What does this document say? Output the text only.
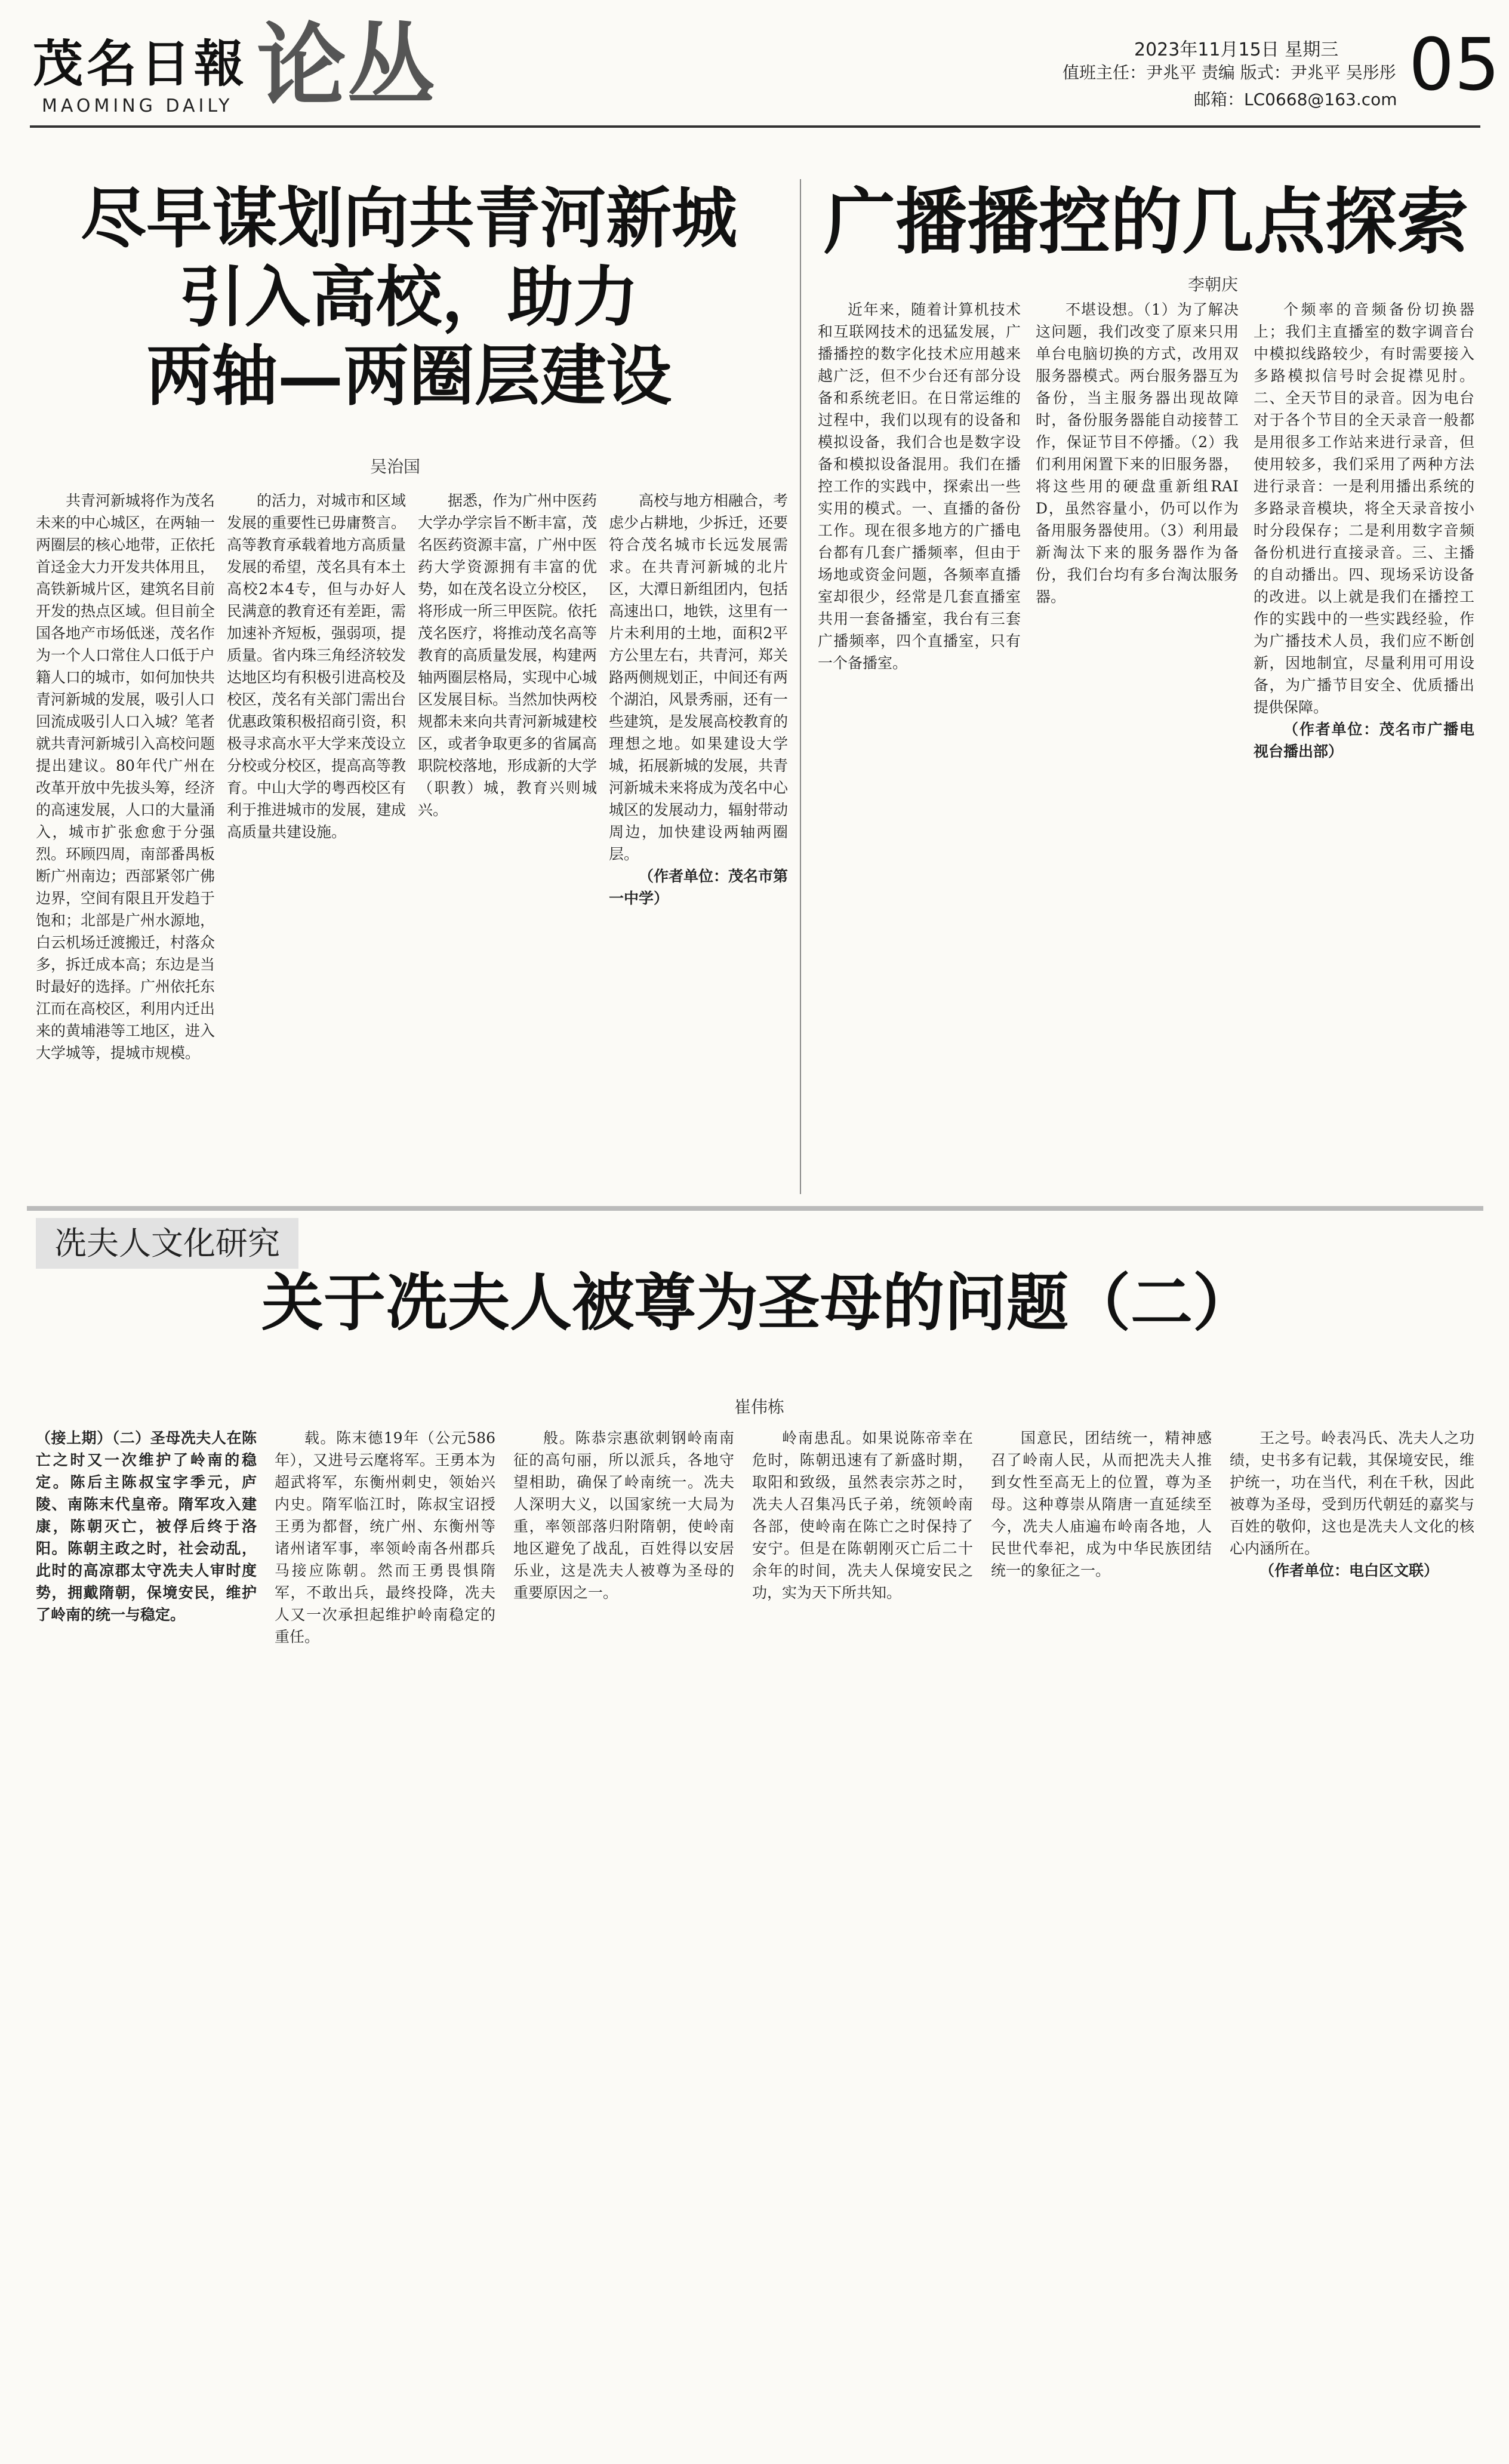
茂名日報
MAOMING DAILY 论丛	2023年11月15日 星期三
值班主任：尹兆平 责编 版式：尹兆平 吴彤彤
邮箱：LC0668@163.com 05
尽早谋划向共青河新城
引入高校，助力
两轴—两圈层建设
吴治国

共青河新城将作为茂名未来的中心城区，在两轴一两圈层的核心地带，正依托首迳金大力开发共体用且，高铁新城片区，建筑名目前开发的热点区域。但目前全国各地产市场低迷，茂名作为一个人口常住人口低于户籍人口的城市，如何加快共青河新城的发展，吸引人口回流成吸引人口入城？笔者就共青河新城引入高校问题提出建议。80年代广州在改革开放中先拔头筹，经济的高速发展，人口的大量涌入，城市扩张愈愈于分强烈。环顾四周，南部番禺板断广州南边；西部紧邻广佛边界，空间有限且开发趋于饱和；北部是广州水源地，白云机场迁渡搬迁，村落众多，拆迁成本高；东边是当时最好的选择。广州依托东江而在高校区，利用内迁出来的黄埔港等工地区，进入大学城等，提城市规模。

的活力，对城市和区域发展的重要性已毋庸赘言。高等教育承载着地方高质量发展的希望，茂名具有本土高校2本4专，但与办好人民满意的教育还有差距，需加速补齐短板，强弱项，提质量。省内珠三角经济较发达地区均有积极引进高校及校区，茂名有关部门需出台优惠政策积极招商引资，积极寻求高水平大学来茂设立分校或分校区，提高高等教育。中山大学的粤西校区有利于推进城市的发展，建成高质量共建设施。

据悉，作为广州中医药大学办学宗旨不断丰富，茂名医药资源丰富，广州中医药大学资源拥有丰富的优势，如在茂名设立分校区，将形成一所三甲医院。依托茂名医疗，将推动茂名高等教育的高质量发展，构建两轴两圈层格局，实现中心城区发展目标。当然加快两校规都未来向共青河新城建校区，或者争取更多的省属高职院校落地，形成新的大学（职教）城，教育兴则城兴。

高校与地方相融合，考虑少占耕地，少拆迁，还要符合茂名城市长远发展需求。在共青河新城的北片区，大潭日新组团内，包括高速出口，地铁，这里有一片未利用的土地，面积2平方公里左右，共青河，郑关路两侧规划正，中间还有两个湖泊，风景秀丽，还有一些建筑，是发展高校教育的理想之地。如果建设大学城，拓展新城的发展，共青河新城未来将成为茂名中心城区的发展动力，辐射带动周边，加快建设两轴两圈层。

（作者单位：茂名市第一中学）

广播播控的几点探索
李朝庆

近年来，随着计算机技术和互联网技术的迅猛发展，广播播控的数字化技术应用越来越广泛，但不少台还有部分设备和系统老旧。在日常运维的过程中，我们以现有的设备和模拟设备，我们合也是数字设备和模拟设备混用。我们在播控工作的实践中，探索出一些实用的模式。一、直播的备份工作。现在很多地方的广播电台都有几套广播频率，但由于场地或资金问题，各频率直播室却很少，经常是几套直播室共用一套备播室，我台有三套广播频率，四个直播室，只有一个备播室。

不堪设想。（1）为了解决这问题，我们改变了原来只用单台电脑切换的方式，改用双服务器模式。两台服务器互为备份，当主服务器出现故障时，备份服务器能自动接替工作，保证节目不停播。（2）我们利用闲置下来的旧服务器，将这些用的硬盘重新组RAID，虽然容量小，仍可以作为备用服务器使用。（3）利用最新淘汰下来的服务器作为备份，我们台均有多台淘汰服务器。

个频率的音频备份切换器上；我们主直播室的数字调音台中模拟线路较少，有时需要接入多路模拟信号时会捉襟见肘。二、全天节目的录音。因为电台对于各个节目的全天录音一般都是用很多工作站来进行录音，但使用较多，我们采用了两种方法进行录音：一是利用播出系统的多路录音模块，将全天录音按小时分段保存；二是利用数字音频备份机进行直接录音。三、主播的自动播出。四、现场采访设备的改进。以上就是我们在播控工作的实践中的一些实践经验，作为广播技术人员，我们应不断创新，因地制宜，尽量利用可用设备，为广播节目安全、优质播出提供保障。

（作者单位：茂名市广播电视台播出部）

冼夫人文化研究
关于冼夫人被尊为圣母的问题（二）
崔伟栋

（接上期）（二）圣母冼夫人在陈亡之时又一次维护了岭南的稳定。陈后主陈叔宝字季元，庐陵、南陈末代皇帝。隋军攻入建康，陈朝灭亡，被俘后终于洛阳。陈朝主政之时，社会动乱，此时的高凉郡太守冼夫人审时度势，拥戴隋朝，保境安民，维护了岭南的统一与稳定。

载。陈末德19年（公元586年），又进号云麾将军。王勇本为超武将军，东衡州刺史，领始兴内史。隋军临江时，陈叔宝诏授王勇为都督，统广州、东衡州等诸州诸军事，率领岭南各州郡兵马接应陈朝。然而王勇畏惧隋军，不敢出兵，最终投降，冼夫人又一次承担起维护岭南稳定的重任。

般。陈恭宗惠欲刺钢岭南南征的高句丽，所以派兵，各地守望相助，确保了岭南统一。冼夫人深明大义，以国家统一大局为重，率领部落归附隋朝，使岭南地区避免了战乱，百姓得以安居乐业，这是冼夫人被尊为圣母的重要原因之一。

岭南患乱。如果说陈帝幸在危时，陈朝迅速有了新盛时期，取阳和致级，虽然表宗苏之时，冼夫人召集冯氏子弟，统领岭南各部，使岭南在陈亡之时保持了安宁。但是在陈朝刚灭亡后二十余年的时间，冼夫人保境安民之功，实为天下所共知。

国意民，团结统一，精神感召了岭南人民，从而把冼夫人推到女性至高无上的位置，尊为圣母。这种尊崇从隋唐一直延续至今，冼夫人庙遍布岭南各地，人民世代奉祀，成为中华民族团结统一的象征之一。

王之号。岭表冯氏、冼夫人之功绩，史书多有记载，其保境安民，维护统一，功在当代，利在千秋，因此被尊为圣母，受到历代朝廷的嘉奖与百姓的敬仰，这也是冼夫人文化的核心内涵所在。

（作者单位：电白区文联）
